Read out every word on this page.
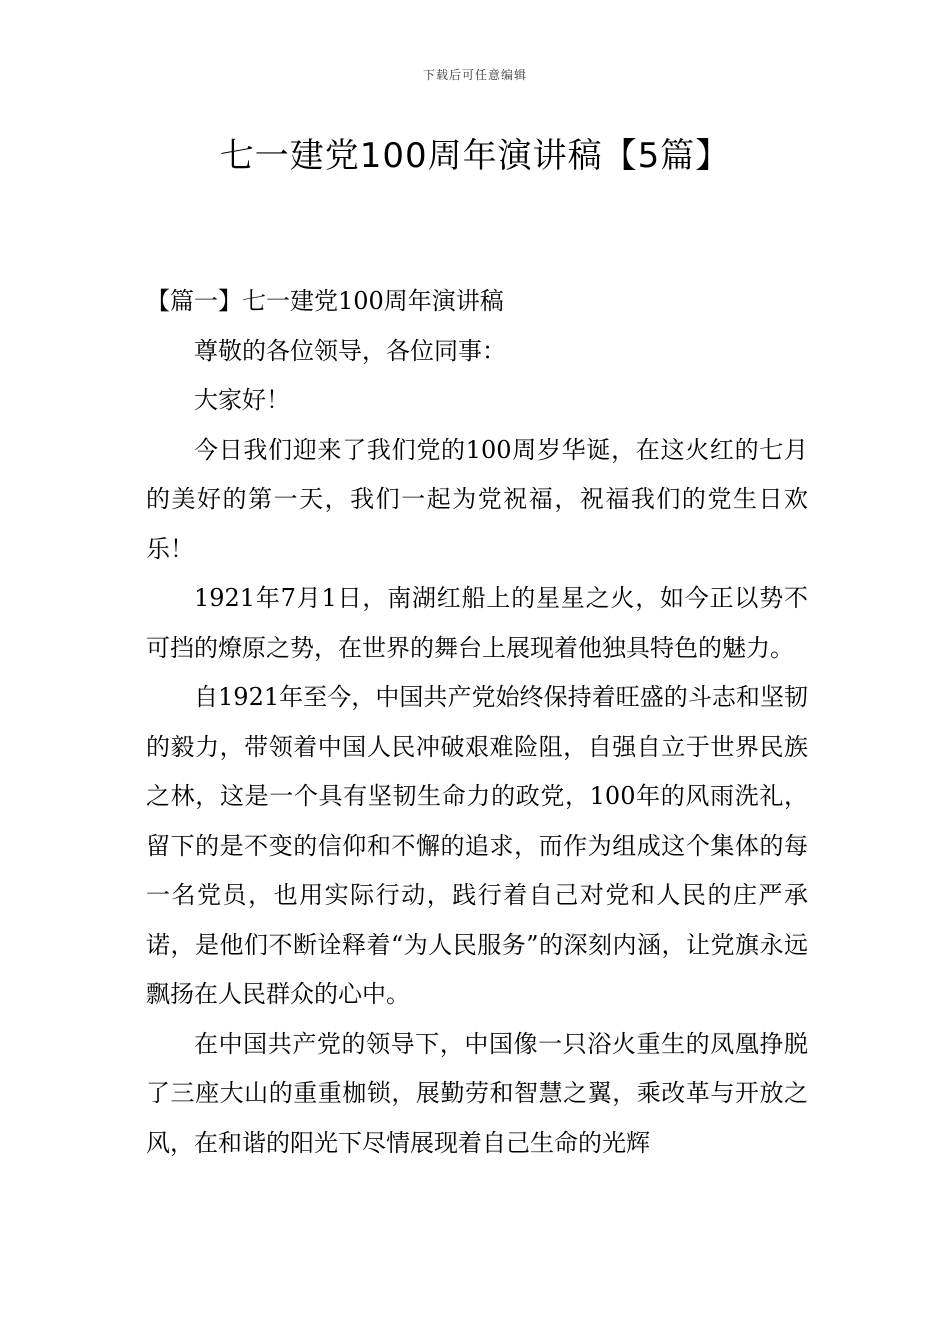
下载后可任意编辑
七一建党100周年演讲稿【5篇】

【篇一】七一建党100周年演讲稿

尊敬的各位领导，各位同事：

大家好！

今日我们迎来了我们党的100周岁华诞，在这火红的七月的美好的第一天，我们一起为党祝福，祝福我们的党生日欢乐！

1921年7月1日，南湖红船上的星星之火，如今正以势不可挡的燎原之势，在世界的舞台上展现着他独具特色的魅力。

自1921年至今，中国共产党始终保持着旺盛的斗志和坚韧的毅力，带领着中国人民冲破艰难险阻，自强自立于世界民族之林，这是一个具有坚韧生命力的政党，100年的风雨洗礼，留下的是不变的信仰和不懈的追求，而作为组成这个集体的每一名党员，也用实际行动，践行着自己对党和人民的庄严承诺，是他们不断诠释着“为人民服务”的深刻内涵，让党旗永远飘扬在人民群众的心中。

在中国共产党的领导下，中国像一只浴火重生的凤凰挣脱了三座大山的重重枷锁，展勤劳和智慧之翼，乘改革与开放之风，在和谐的阳光下尽情展现着自己生命的光辉
